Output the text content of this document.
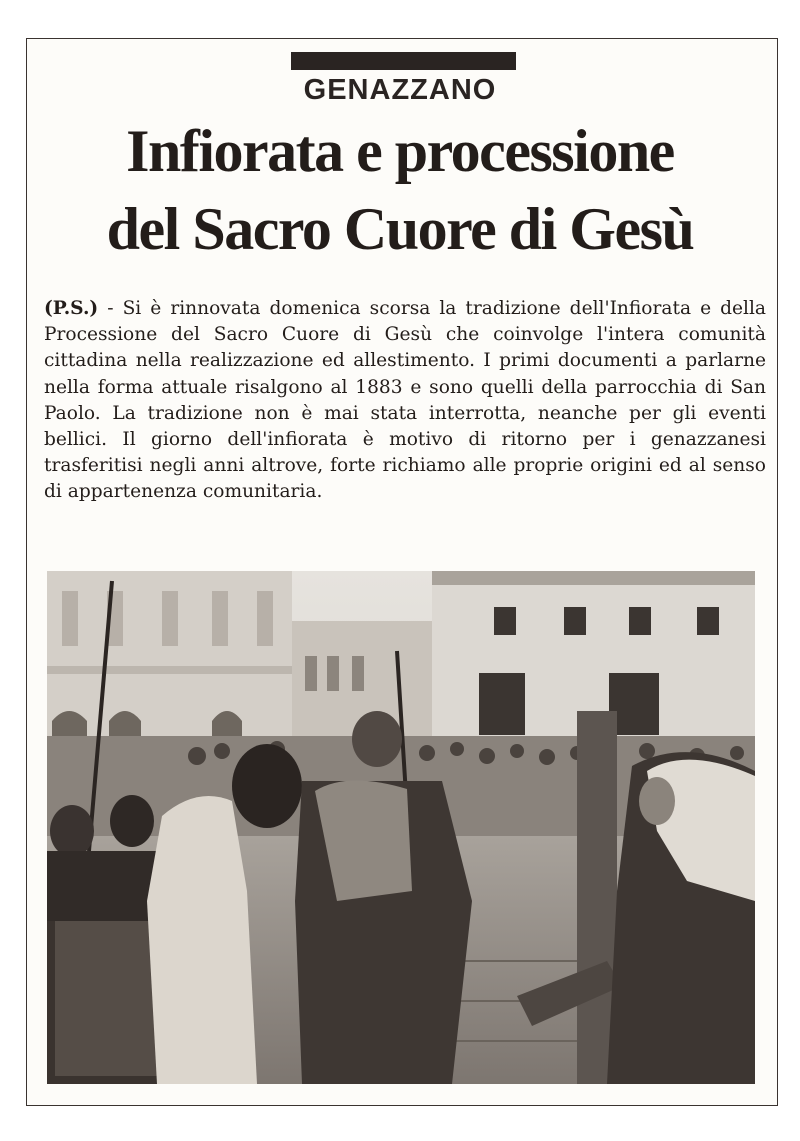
GENAZZANO
Infiorata e processione
del Sacro Cuore di Gesù
(P.S.) - Si è rinnovata domenica scorsa la tradizione dell'Infiorata e della Processione del Sacro Cuore di Gesù che coinvolge l'intera comunità cittadina nella realizzazione ed allestimento. I primi documenti a parlarne nella forma attuale risalgono al 1883 e sono quelli della parrocchia di San Paolo. La tradizione non è mai stata interrotta, neanche per gli eventi bellici. Il giorno dell'infiorata è motivo di ritorno per i genazzanesi trasferitisi negli anni altrove, forte richiamo alle proprie origini ed al senso di appartenenza comunitaria.
